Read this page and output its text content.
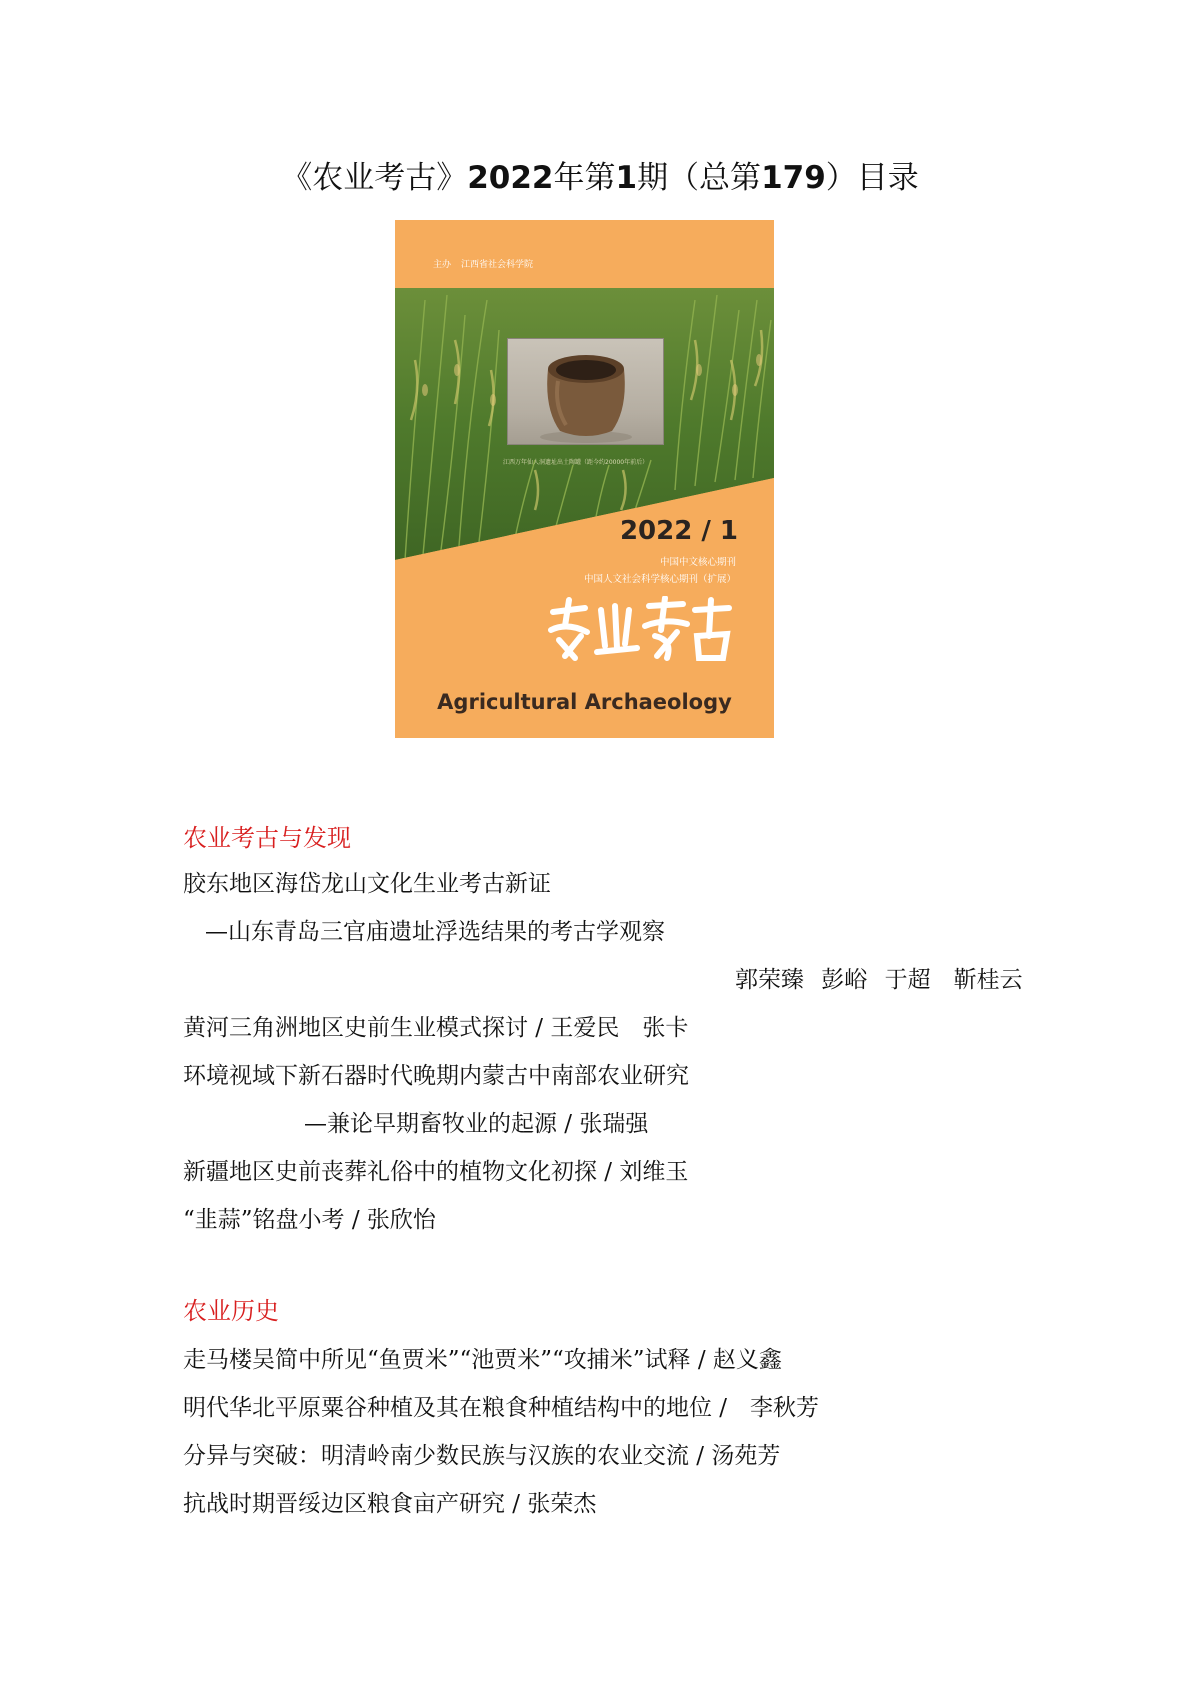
《农业考古》2022年第1期（总第179）目录
主办 江西省社会科学院
江西万年仙人洞遗址出土陶罐（距今约20000年前后）
2022 / 1
中国中文核心期刊
中国人文社会科学核心期刊（扩展）
Agricultural Archaeology
农业考古与发现
胶东地区海岱龙山文化生业考古新证
—山东青岛三官庙遗址浮选结果的考古学观察
郭荣臻 彭峪 于超　靳桂云
黄河三角洲地区史前生业模式探讨 / 王爱民　张卡
环境视域下新石器时代晚期内蒙古中南部农业研究
—兼论早期畜牧业的起源 / 张瑞强
新疆地区史前丧葬礼俗中的植物文化初探 / 刘维玉
“韭蒜”铭盘小考 / 张欣怡
农业历史
走马楼吴简中所见“鱼贾米”“池贾米”“攻捕米”试释 / 赵义鑫
明代华北平原粟谷种植及其在粮食种植结构中的地位 /　李秋芳
分异与突破：明清岭南少数民族与汉族的农业交流 / 汤苑芳
抗战时期晋绥边区粮食亩产研究 / 张荣杰
